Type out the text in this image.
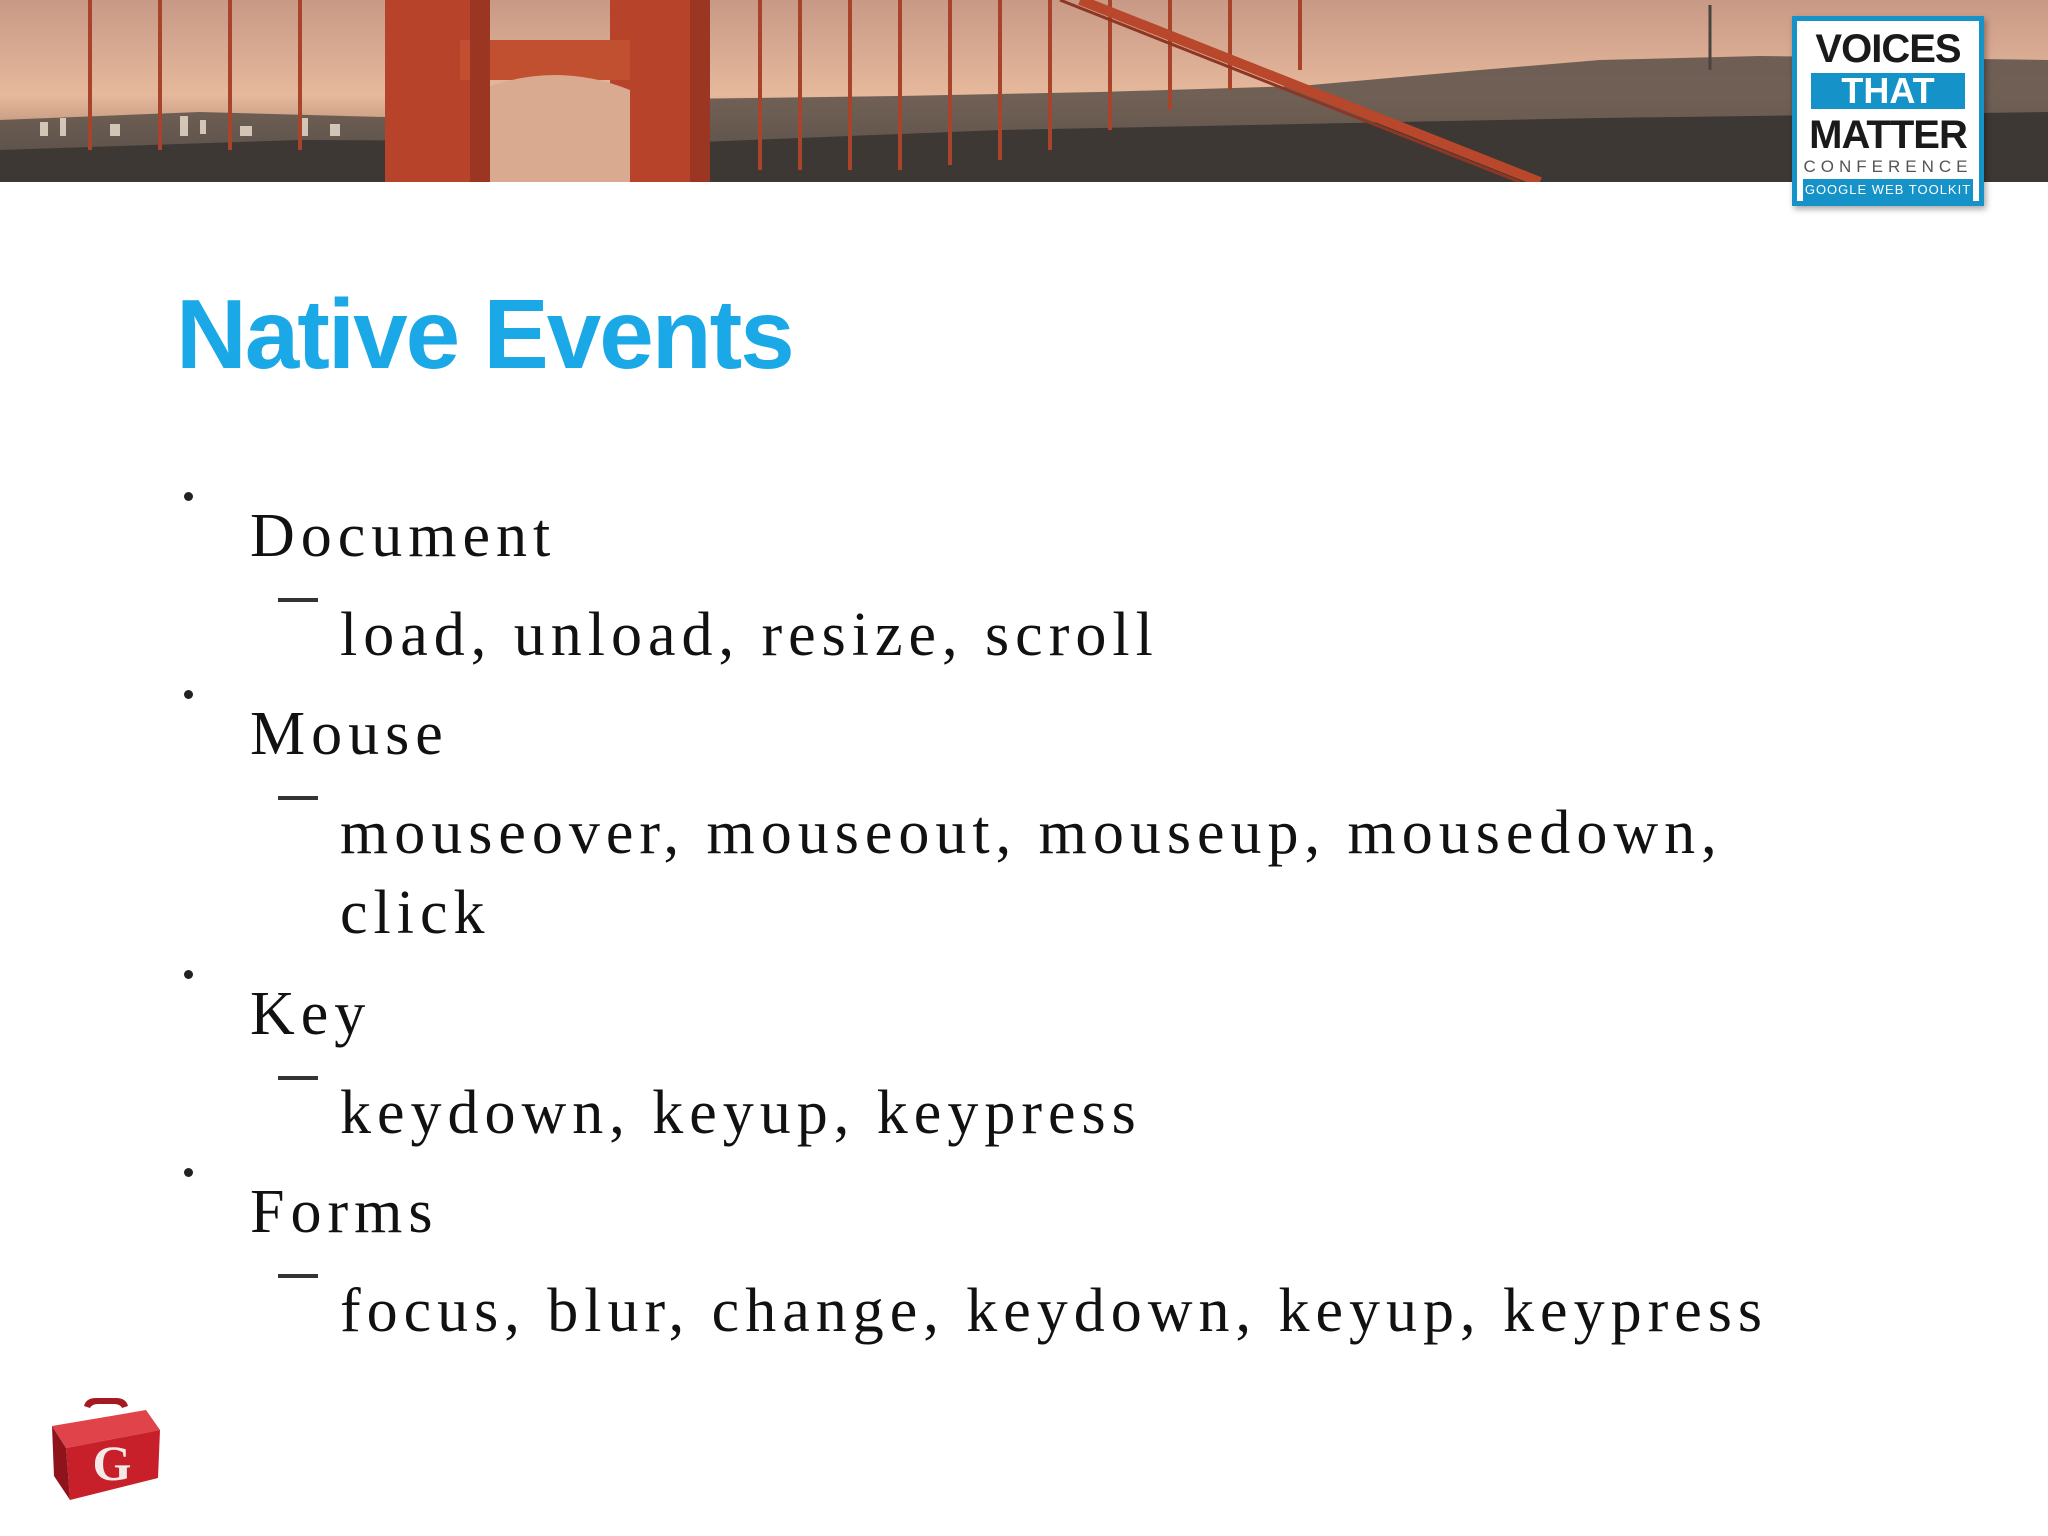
VOICES
THAT
MATTER
CONFERENCE
GOOGLE WEB TOOLKIT
Native Events
Document
load, unload, resize, scroll
Mouse
mouseover, mouseout, mouseup, mousedown,
click
Key
keydown, keyup, keypress
Forms
focus, blur, change, keydown, keyup, keypress
G
